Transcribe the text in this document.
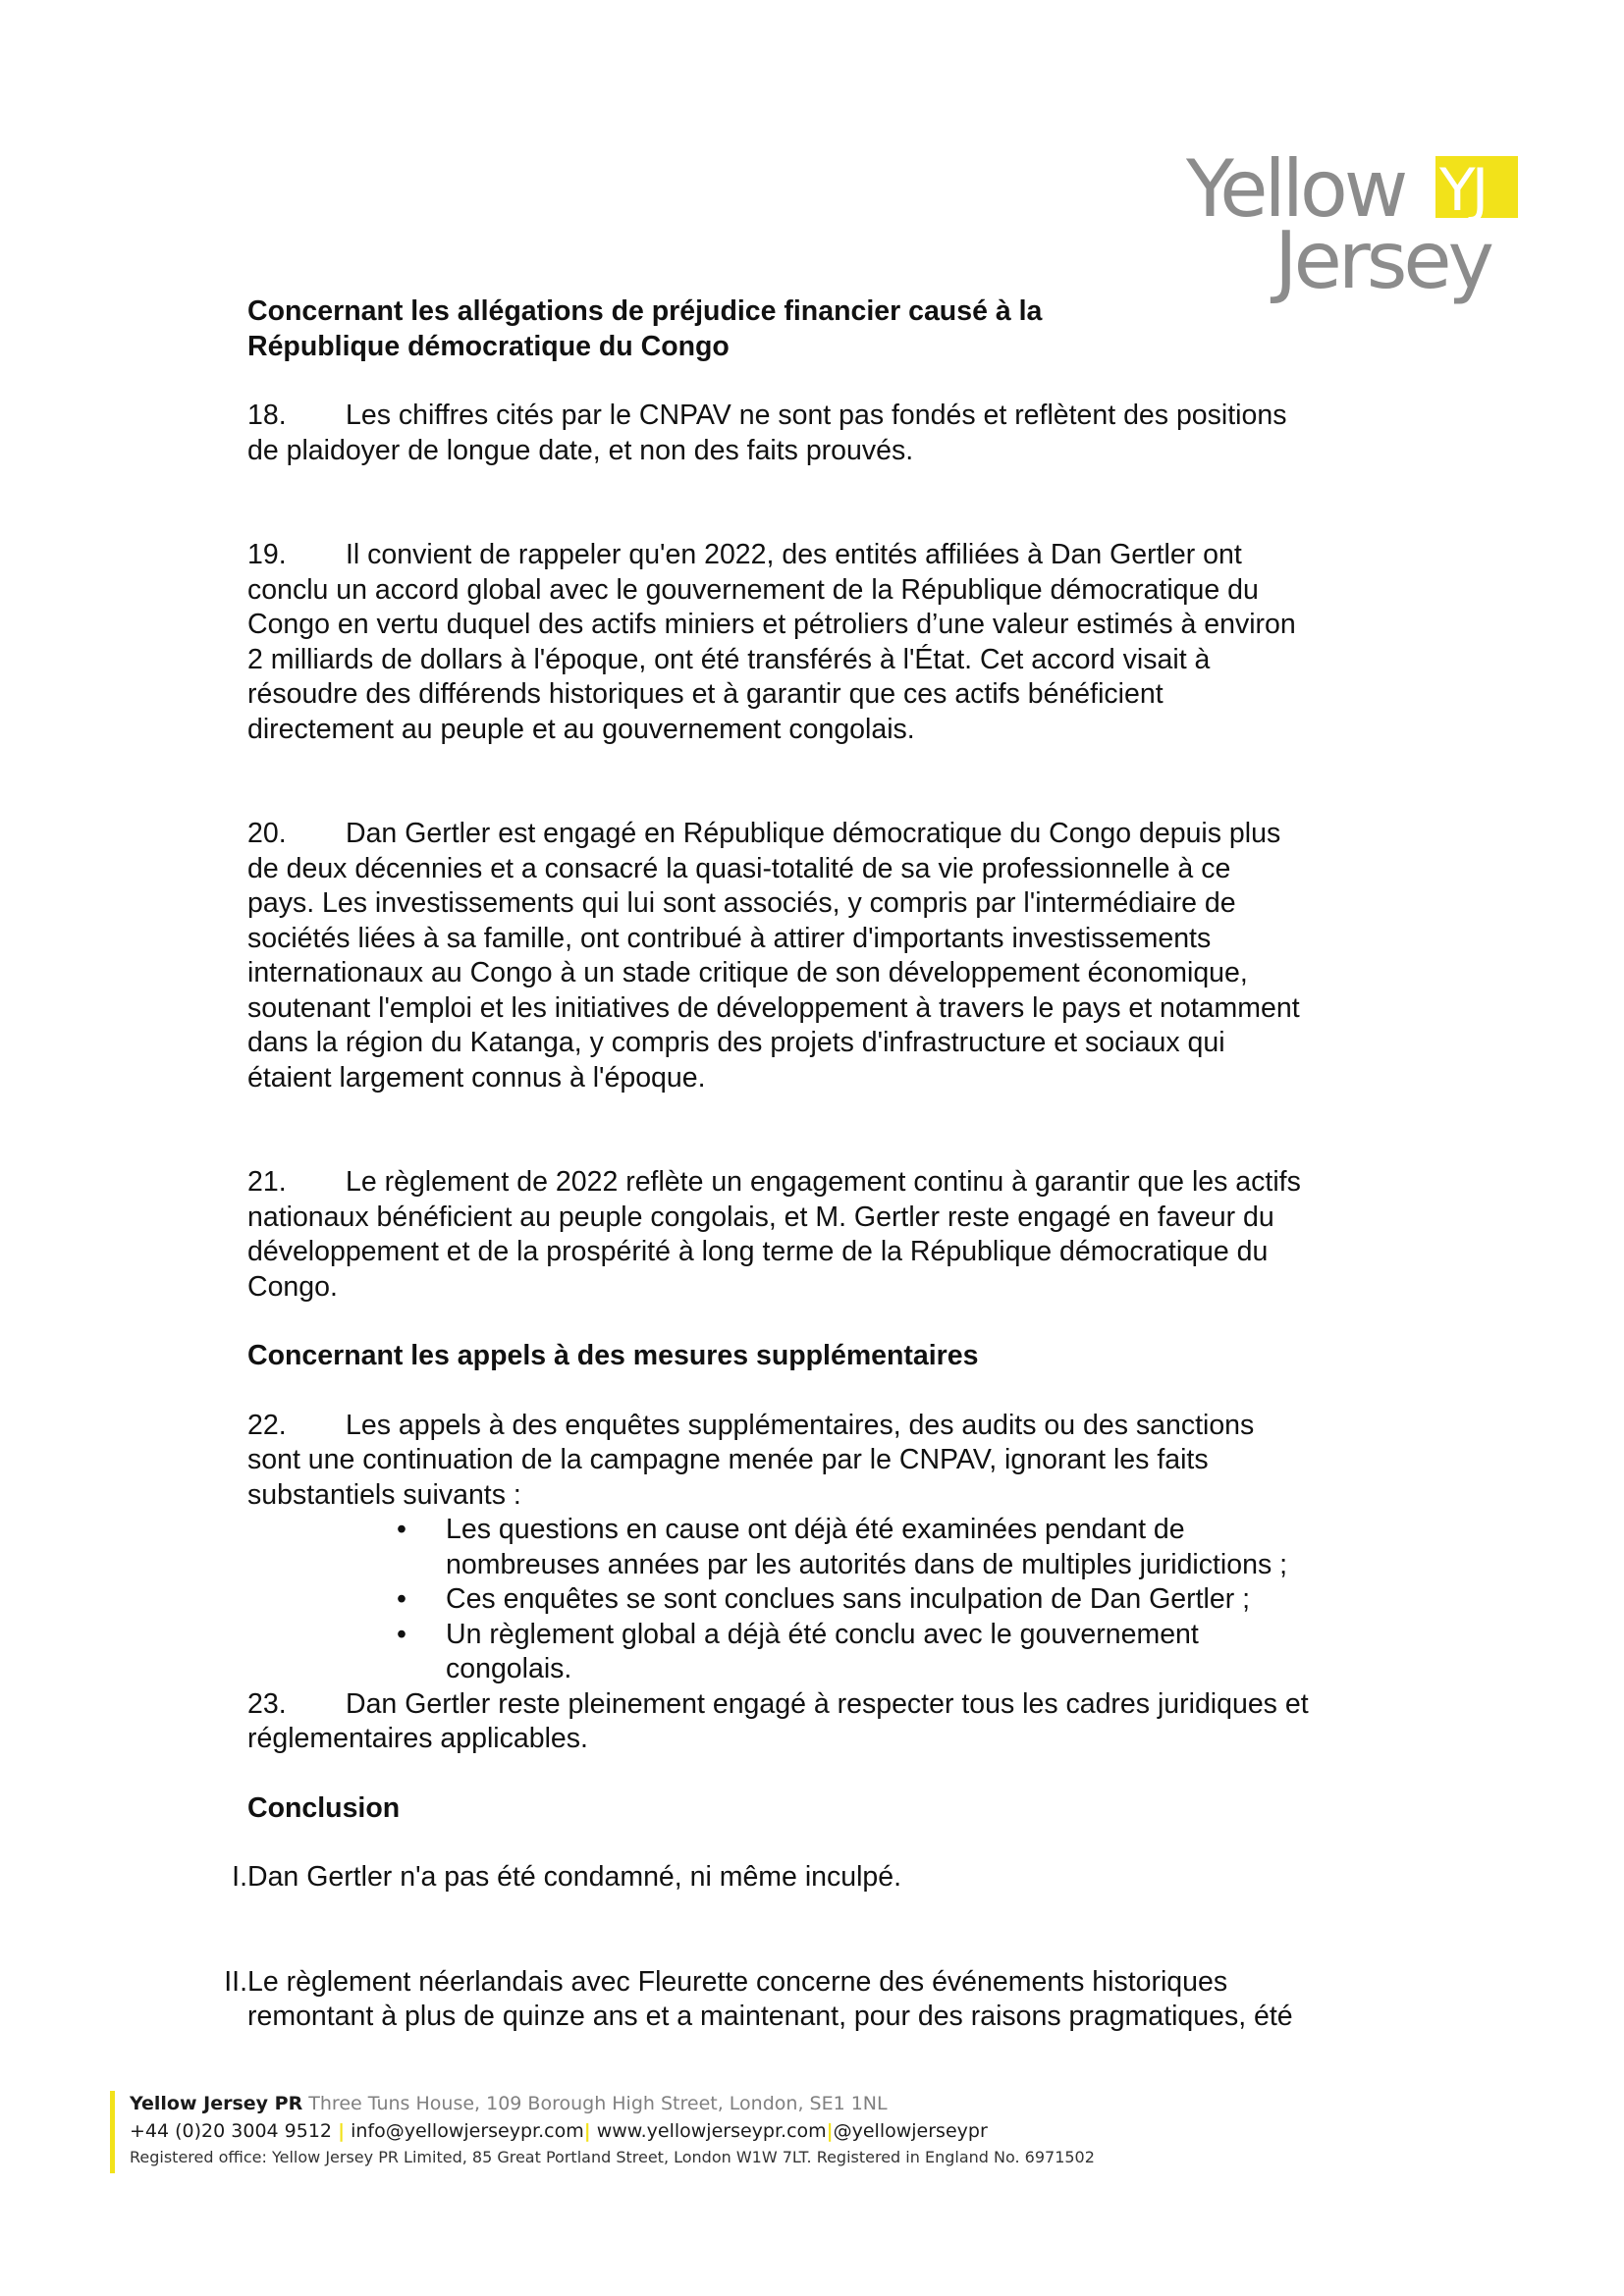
Yellow YJ
Jersey

Concernant les allégations de préjudice financier causé à la
République démocratique du Congo

18. Les chiffres cités par le CNPAV ne sont pas fondés et reflètent des positions
de plaidoyer de longue date, et non des faits prouvés.

19. Il convient de rappeler qu'en 2022, des entités affiliées à Dan Gertler ont
conclu un accord global avec le gouvernement de la République démocratique du
Congo en vertu duquel des actifs miniers et pétroliers d’une valeur estimés à environ
2 milliards de dollars à l'époque, ont été transférés à l'État. Cet accord visait à
résoudre des différends historiques et à garantir que ces actifs bénéficient
directement au peuple et au gouvernement congolais.

20. Dan Gertler est engagé en République démocratique du Congo depuis plus
de deux décennies et a consacré la quasi-totalité de sa vie professionnelle à ce
pays. Les investissements qui lui sont associés, y compris par l'intermédiaire de
sociétés liées à sa famille, ont contribué à attirer d'importants investissements
internationaux au Congo à un stade critique de son développement économique,
soutenant l'emploi et les initiatives de développement à travers le pays et notamment
dans la région du Katanga, y compris des projets d'infrastructure et sociaux qui
étaient largement connus à l'époque.

21. Le règlement de 2022 reflète un engagement continu à garantir que les actifs
nationaux bénéficient au peuple congolais, et M. Gertler reste engagé en faveur du
développement et de la prospérité à long terme de la République démocratique du
Congo.

Concernant les appels à des mesures supplémentaires

22. Les appels à des enquêtes supplémentaires, des audits ou des sanctions
sont une continuation de la campagne menée par le CNPAV, ignorant les faits
substantiels suivants :

• Les questions en cause ont déjà été examinées pendant de
nombreuses années par les autorités dans de multiples juridictions ;
• Ces enquêtes se sont conclues sans inculpation de Dan Gertler ;
• Un règlement global a déjà été conclu avec le gouvernement
congolais.

23. Dan Gertler reste pleinement engagé à respecter tous les cadres juridiques et
réglementaires applicables.

Conclusion

I. Dan Gertler n'a pas été condamné, ni même inculpé.

II. Le règlement néerlandais avec Fleurette concerne des événements historiques
remontant à plus de quinze ans et a maintenant, pour des raisons pragmatiques, été

Yellow Jersey PR Three Tuns House, 109 Borough High Street, London, SE1 1NL
+44 (0)20 3004 9512 | info@yellowjerseypr.com| www.yellowjerseypr.com|@yellowjerseypr
Registered office: Yellow Jersey PR Limited, 85 Great Portland Street, London W1W 7LT. Registered in England No. 6971502
